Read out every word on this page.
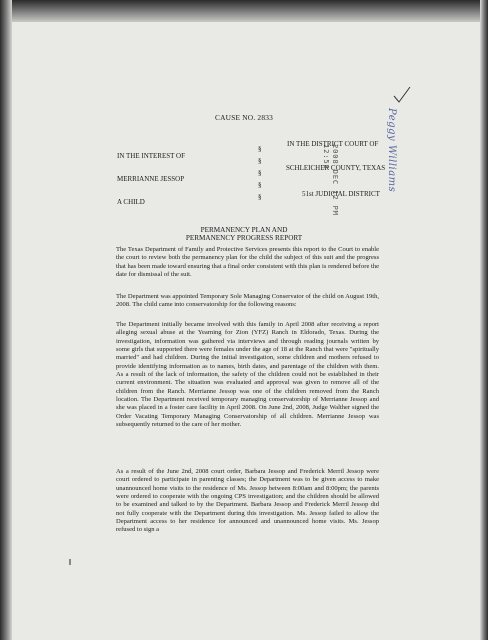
CAUSE NO. 2833
IN THE INTEREST OF
MERRIANNE JESSOP
A CHILD
§
§
§
§
§
IN THE DISTRICT COURT OF
SCHLEICHER COUNTY, TEXAS
51st JUDICIAL DISTRICT
2008 DEC 12 PM 12:53	Peggy Williams
PERMANENCY PLAN AND
PERMANENCY PROGRESS REPORT

The Texas Department of Family and Protective Services presents this report to the Court to enable the court to review both the permanency plan for the child the subject of this suit and the progress that has been made toward ensuring that a final order consistent with this plan is rendered before the date for dismissal of the suit.

The Department was appointed Temporary Sole Managing Conservator of the child on August 19th, 2008. The child came into conservatorship for the following reasons:

The Department initially became involved with this family in April 2008 after receiving a report alleging sexual abuse at the Yearning for Zion (YFZ) Ranch in Eldorado, Texas. During the investigation, information was gathered via interviews and through reading journals written by some girls that supported there were females under the age of 18 at the Ranch that were "spiritually married" and had children. During the initial investigation, some children and mothers refused to provide identifying information as to names, birth dates, and parentage of the children with them. As a result of the lack of information, the safety of the children could not be established in their current environment. The situation was evaluated and approval was given to remove all of the children from the Ranch. Merrianne Jessop was one of the children removed from the Ranch location. The Department received temporary managing conservatorship of Merrianne Jessop and she was placed in a foster care facility in April 2008. On June 2nd, 2008, Judge Walther signed the Order Vacating Temporary Managing Conservatorship of all children. Merrianne Jessop was subsequently returned to the care of her mother.

As a result of the June 2nd, 2008 court order, Barbara Jessop and Frederick Merril Jessop were court ordered to participate in parenting classes; the Department was to be given access to make unannounced home visits to the residence of Ms. Jessop between 8:00am and 8:00pm; the parents were ordered to cooperate with the ongoing CPS investigation; and the children should be allowed to be examined and talked to by the Department. Barbara Jessop and Frederick Merril Jessop did not fully cooperate with the Department during this investigation. Ms. Jessop failed to allow the Department access to her residence for announced and unannounced home visits. Ms. Jessop refused to sign a
